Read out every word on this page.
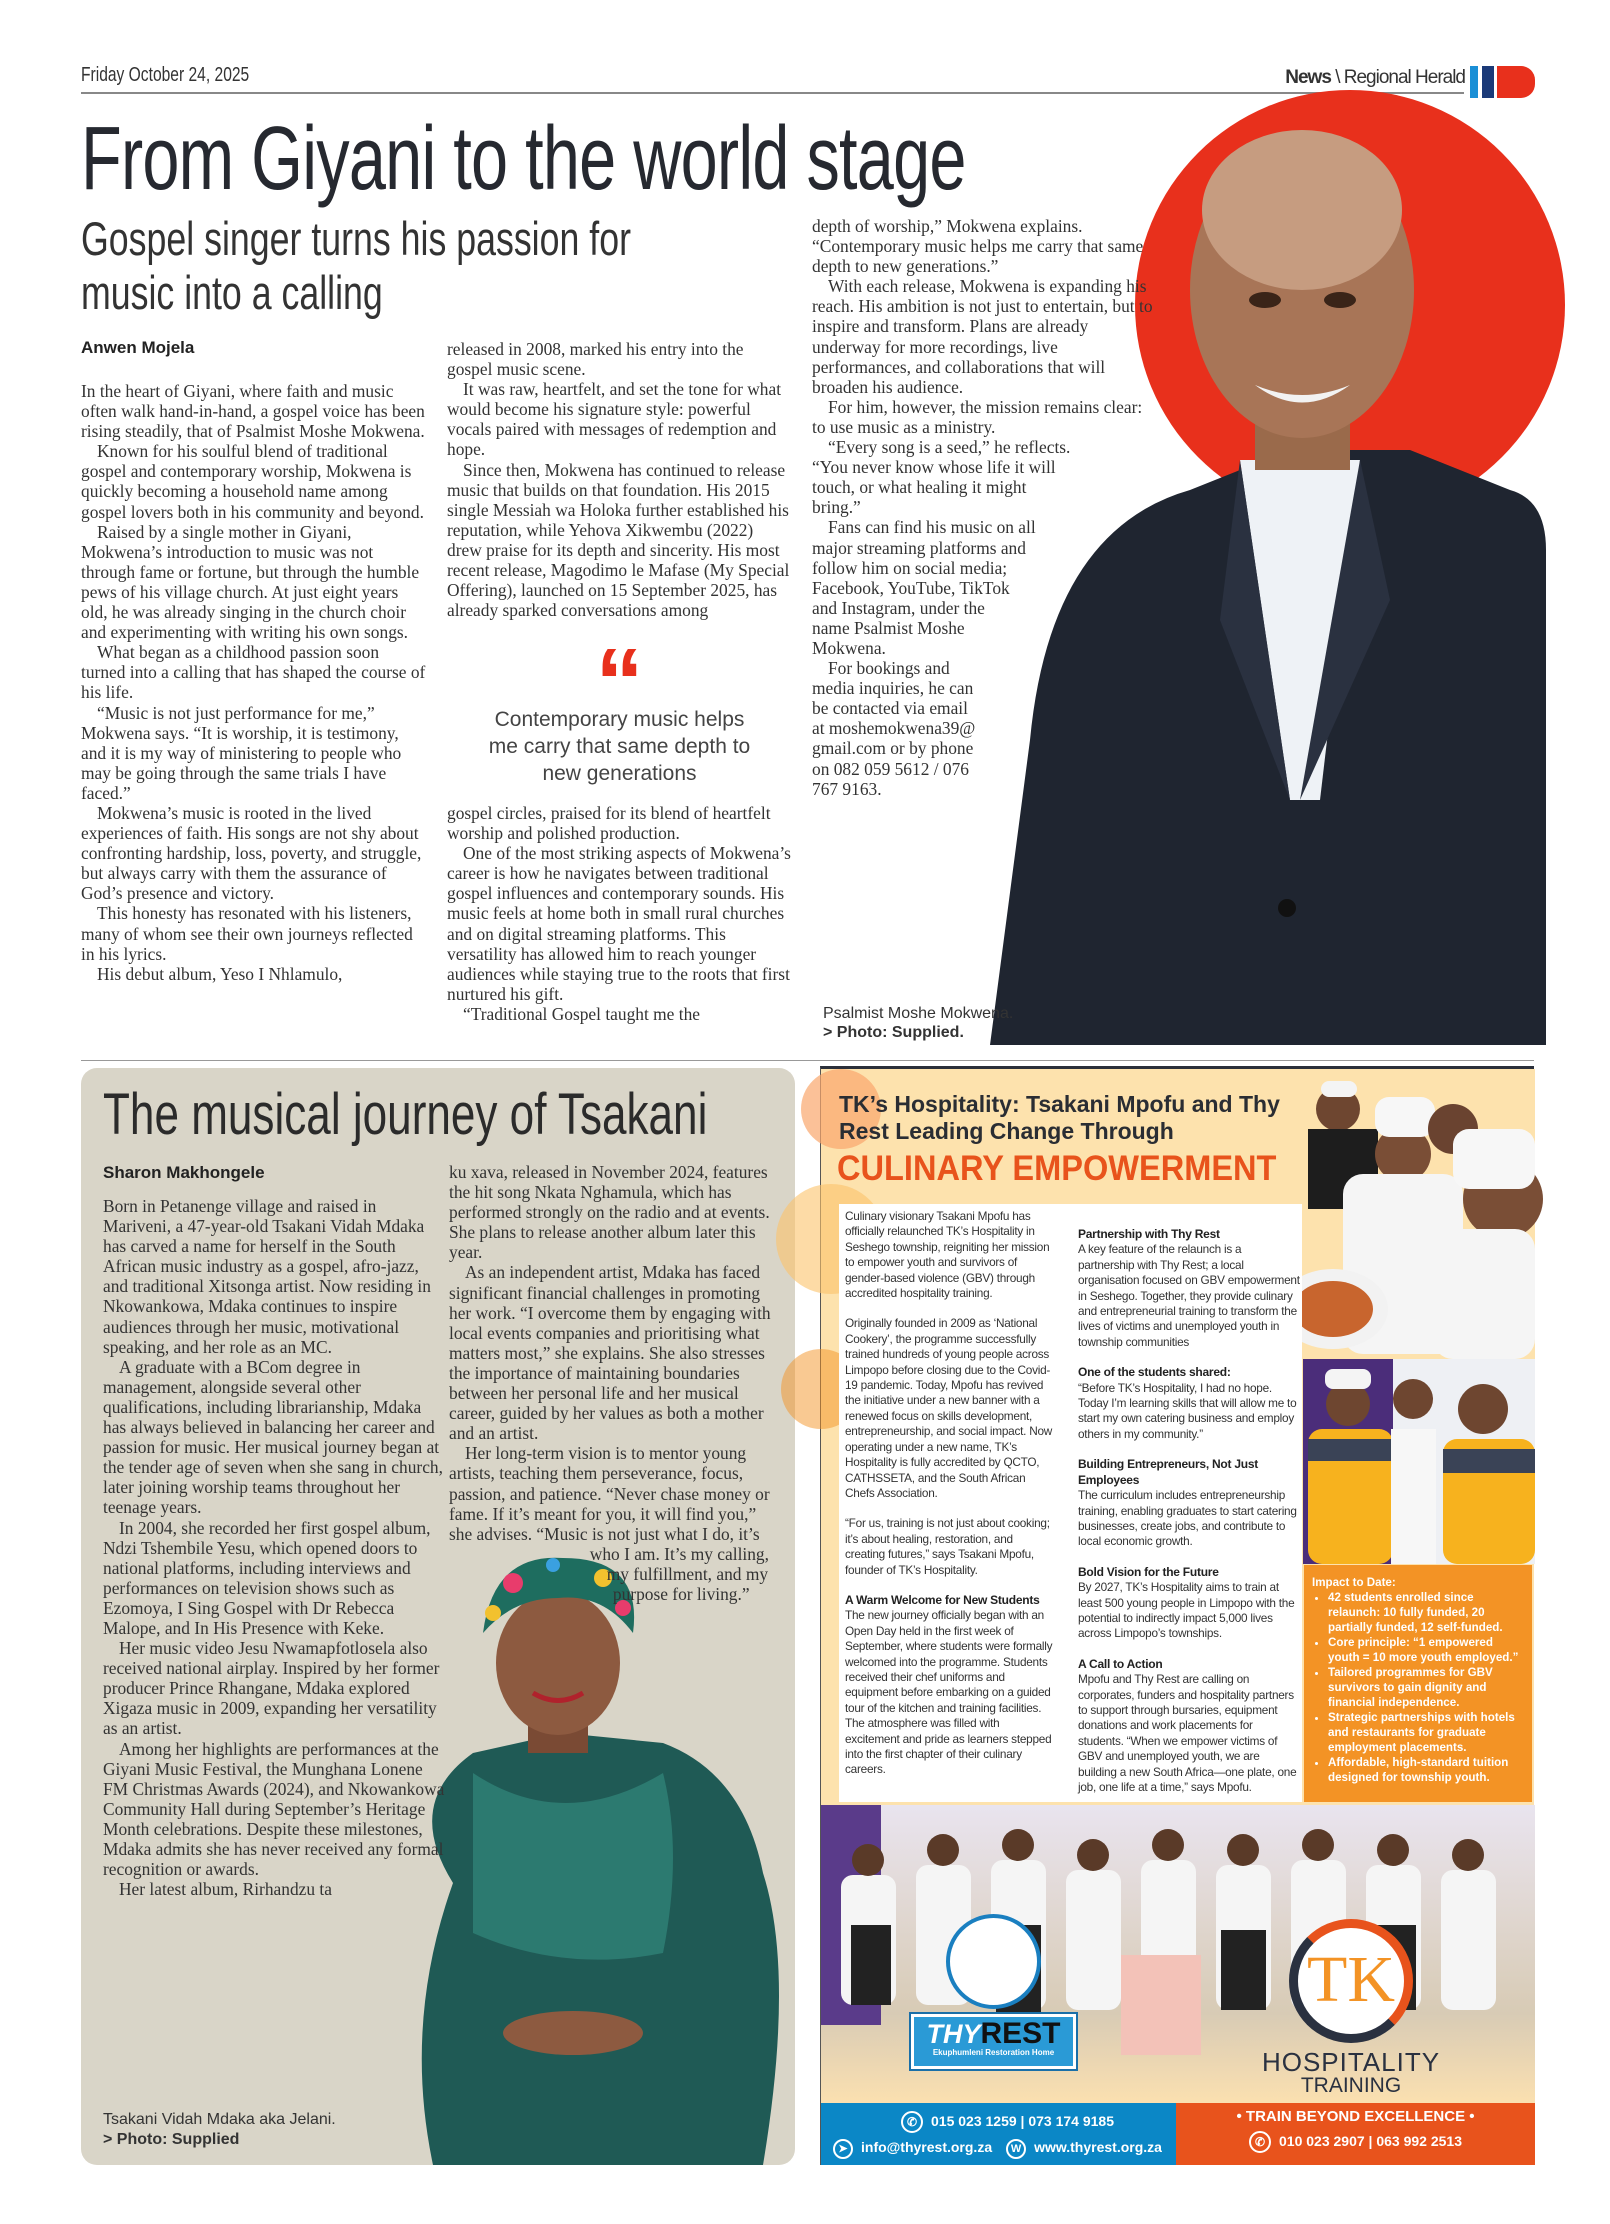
Friday October 24, 2025	News \ Regional Herald
From Giyani to the world stage
Gospel singer turns his passion for
music into a calling
Anwen Mojela

In the heart of Giyani, where faith and music often walk hand-in-hand, a gospel voice has been rising steadily, that of Psalmist Moshe Mokwena.

Known for his soulful blend of traditional gospel and contemporary worship, Mokwena is quickly becoming a household name among gospel lovers both in his community and beyond.

Raised by a single mother in Giyani, Mokwena’s introduction to music was not through fame or fortune, but through the humble pews of his village church. At just eight years old, he was already singing in the church choir and experimenting with writing his own songs.

What began as a childhood passion soon turned into a calling that has shaped the course of his life.

“Music is not just performance for me,” Mokwena says. “It is worship, it is testimony, and it is my way of ministering to people who may be going through the same trials I have faced.”

Mokwena’s music is rooted in the lived experiences of faith. His songs are not shy about confronting hardship, loss, poverty, and struggle, but always carry with them the assurance of God’s presence and victory.

This honesty has resonated with his listeners, many of whom see their own journeys reflected in his lyrics.

His debut album, Yeso I Nhlamulo,

released in 2008, marked his entry into the gospel music scene.

It was raw, heartfelt, and set the tone for what would become his signature style: powerful vocals paired with messages of redemption and hope.

Since then, Mokwena has continued to release music that builds on that foundation. His 2015 single Messiah wa Holoka further established his reputation, while Yehova Xikwembu (2022) drew praise for its depth and sincerity. His most recent release, Magodimo le Mafase (My Special Offering), launched on 15 September 2025, has already sparked conversations among

“
Contemporary music helps me carry that same depth to new generations

gospel circles, praised for its blend of heartfelt worship and polished production.

One of the most striking aspects of Mokwena’s career is how he navigates between traditional gospel influences and contemporary sounds. His music feels at home both in small rural churches and on digital streaming platforms. This versatility has allowed him to reach younger audiences while staying true to the roots that first nurtured his gift.

“Traditional Gospel taught me the

depth of worship,” Mokwena explains. “Contemporary music helps me carry that same depth to new generations.”

With each release, Mokwena is expanding his reach. His ambition is not just to entertain, but to inspire and transform. Plans are already underway for more recordings, live performances, and collaborations that will broaden his audience.

For him, however, the mission remains clear: to use music as a ministry.

“Every song is a seed,” he reflects. “You never know whose life it will touch, or what healing it might bring.”

Fans can find his music on all major streaming platforms and follow him on social media; Facebook, YouTube, TikTok and Instagram, under the name Psalmist Moshe Mokwena.

For bookings and media inquiries, he can be contacted via email at moshemokwena39@ gmail.com or by phone on 082 059 5612 / 076 767 9163.

Psalmist Moshe Mokwena.
> Photo: Supplied.
The musical journey of Tsakani
Sharon Makhongele

Born in Petanenge village and raised in Mariveni, a 47-year-old Tsakani Vidah Mdaka has carved a name for herself in the South African music industry as a gospel, afro-jazz, and traditional Xitsonga artist. Now residing in Nkowankowa, Mdaka continues to inspire audiences through her music, motivational speaking, and her role as an MC.

A graduate with a BCom degree in management, alongside several other qualifications, including librarianship, Mdaka has always believed in balancing her career and passion for music. Her musical journey began at the tender age of seven when she sang in church, later joining worship teams throughout her teenage years.

In 2004, she recorded her first gospel album, Ndzi Tshembile Yesu, which opened doors to national platforms, including interviews and performances on television shows such as Ezomoya, I Sing Gospel with Dr Rebecca Malope, and In His Presence with Keke.

Her music video Jesu Nwamapfotlosela also received national airplay. Inspired by her former producer Prince Rhangane, Mdaka explored Xigaza music in 2009, expanding her versatility as an artist.

Among her highlights are performances at the Giyani Music Festival, the Munghana Lonene FM Christmas Awards (2024), and Nkowankowa Community Hall during September’s Heritage Month celebrations. Despite these milestones, Mdaka admits she has never received any formal recognition or awards.

Her latest album, Rirhandzu ta

ku xava, released in November 2024, features the hit song Nkata Nghamula, which has performed strongly on the radio and at events. She plans to release another album later this year.

As an independent artist, Mdaka has faced significant financial challenges in promoting her work. “I overcome them by engaging with local events companies and prioritising what matters most,” she explains. She also stresses the importance of maintaining boundaries between her personal life and her musical career, guided by her values as both a mother and an artist.

Her long-term vision is to mentor young artists, teaching them perseverance, focus, passion, and patience. “Never chase money or fame. If it’s meant for you, it will find you,” she advises. “Music is not just what I do, it’s who I am. It’s my calling, my fulfillment, and my purpose for living.”

Tsakani Vidah Mdaka aka Jelani.
> Photo: Supplied
TK’s Hospitality: Tsakani Mpofu and Thy
Rest Leading Change Through
CULINARY EMPOWERMENT
Culinary visionary Tsakani Mpofu has officially relaunched TK’s Hospitality in Seshego township, reigniting her mission to empower youth and survivors of gender-based violence (GBV) through accredited hospitality training.
Originally founded in 2009 as ‘National Cookery’, the programme successfully trained hundreds of young people across Limpopo before closing due to the Covid-19 pandemic. Today, Mpofu has revived the initiative under a new banner with a renewed focus on skills development, entrepreneurship, and social impact. Now operating under a new name, TK’s Hospitality is fully accredited by QCTO, CATHSSETA, and the South African Chefs Association.
“For us, training is not just about cooking; it’s about healing, restoration, and creating futures,” says Tsakani Mpofu, founder of TK’s Hospitality.
A Warm Welcome for New Students
The new journey officially began with an Open Day held in the first week of September, where students were formally welcomed into the programme. Students received their chef uniforms and equipment before embarking on a guided tour of the kitchen and training facilities. The atmosphere was filled with excitement and pride as learners stepped into the first chapter of their culinary careers.
Partnership with Thy Rest
A key feature of the relaunch is a partnership with Thy Rest; a local organisation focused on GBV empowerment in Seshego. Together, they provide culinary and entrepreneurial training to transform the lives of victims and unemployed youth in township communities
One of the students shared:
“Before TK’s Hospitality, I had no hope. Today I’m learning skills that will allow me to start my own catering business and employ others in my community.”
Building Entrepreneurs, Not Just Employees
The curriculum includes entrepreneurship training, enabling graduates to start catering businesses, create jobs, and contribute to local economic growth.
Bold Vision for the Future
By 2027, TK’s Hospitality aims to train at least 500 young people in Limpopo with the potential to indirectly impact 5,000 lives across Limpopo’s townships.
A Call to Action
Mpofu and Thy Rest are calling on corporates, funders and hospitality partners to support through bursaries, equipment donations and work placements for students. “When we empower victims of GBV and unemployed youth, we are building a new South Africa—one plate, one job, one life at a time,” says Mpofu.
Impact to Date:
• 42 students enrolled since relaunch: 10 fully funded, 20 partially funded, 12 self-funded.
• Core principle: “1 empowered youth = 10 more youth employed.”
• Tailored programmes for GBV survivors to gain dignity and financial independence.
• Strategic partnerships with hotels and restaurants for graduate employment placements.
• Affordable, high-standard tuition designed for township youth.
THYREST
Ekuphumleni Restoration Home
TK
HOSPITALITY
TRAINING
✆ 015 023 1259 | 073 174 9185
➤ info@thyrest.org.za W www.thyrest.org.za
• TRAIN BEYOND EXCELLENCE •
✆ 010 023 2907 | 063 992 2513
